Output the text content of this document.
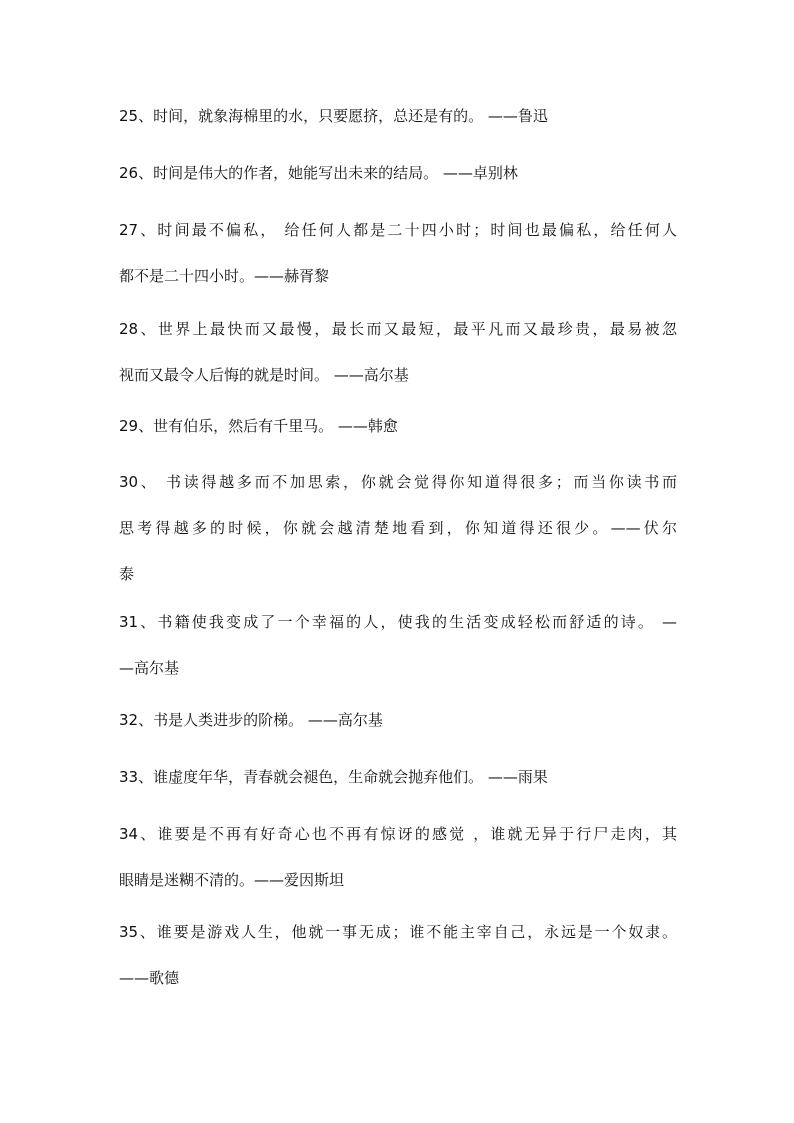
25、时间，就象海棉里的水，只要愿挤，总还是有的。 ——鲁迅
26、时间是伟大的作者，她能写出未来的结局。 ——卓别林
27、时间最不偏私， 给任何人都是二十四小时；时间也最偏私，给任何人
都不是二十四小时。——赫胥黎
28、世界上最快而又最慢，最长而又最短，最平凡而又最珍贵，最易被忽
视而又最令人后悔的就是时间。 ——高尔基
29、世有伯乐，然后有千里马。 ——韩愈
30、 书读得越多而不加思索，你就会觉得你知道得很多；而当你读书而
思考得越多的时候，你就会越清楚地看到，你知道得还很少。——伏尔
泰
31、书籍使我变成了一个幸福的人，使我的生活变成轻松而舒适的诗。 —
—高尔基
32、书是人类进步的阶梯。 ——高尔基
33、谁虚度年华，青春就会褪色，生命就会抛弃他们。 ——雨果
34、谁要是不再有好奇心也不再有惊讶的感觉 ，谁就无异于行尸走肉，其
眼睛是迷糊不清的。——爱因斯坦
35、谁要是游戏人生，他就一事无成；谁不能主宰自己，永远是一个奴隶。
——歌德
